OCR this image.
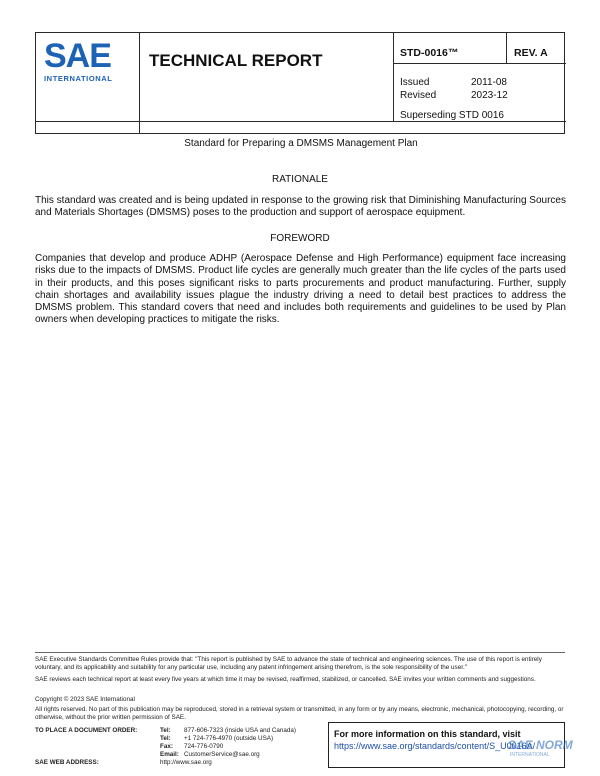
SAE
INTERNATIONAL
TECHNICAL REPORT	STD-0016™	REV. A
Issued	2011-08
Revised	2023-12
Superseding STD 0016
Standard for Preparing a DMSMS Management Plan
RATIONALE
This standard was created and is being updated in response to the growing risk that Diminishing Manufacturing Sources and Materials Shortages (DMSMS) poses to the production and support of aerospace equipment.
FOREWORD
Companies that develop and produce ADHP (Aerospace Defense and High Performance) equipment face increasing risks due to the impacts of DMSMS. Product life cycles are generally much greater than the life cycles of the parts used in their products, and this poses significant risks to parts procurements and product manufacturing. Further, supply chain shortages and availability issues plague the industry driving a need to detail best practices to address the DMSMS problem. This standard covers that need and includes both requirements and guidelines to be used by Plan owners when developing practices to mitigate the risks.
SAE Executive Standards Committee Rules provide that: "This report is published by SAE to advance the state of technical and engineering sciences. The use of this report is entirely voluntary, and its applicability and suitability for any particular use, including any patent infringement arising therefrom, is the sole responsibility of the user."
SAE reviews each technical report at least every five years at which time it may be revised, reaffirmed, stabilized, or cancelled. SAE invites your written comments and suggestions.
Copyright © 2023 SAE International
All rights reserved. No part of this publication may be reproduced, stored in a retrieval system or transmitted, in any form or by any means, electronic, mechanical, photocopying, recording, or otherwise, without the prior written permission of SAE.
TO PLACE A DOCUMENT ORDER:	Tel: 877-606-7323 (inside USA and Canada)
Tel: +1 724-776-4970 (outside USA)
Fax: 724-776-0790
Email: CustomerService@sae.org
SAE WEB ADDRESS:	http://www.sae.org
For more information on this standard, visit
https://www.sae.org/standards/content/S_U0016A/
SAE NORM
INTERNATIONAL
